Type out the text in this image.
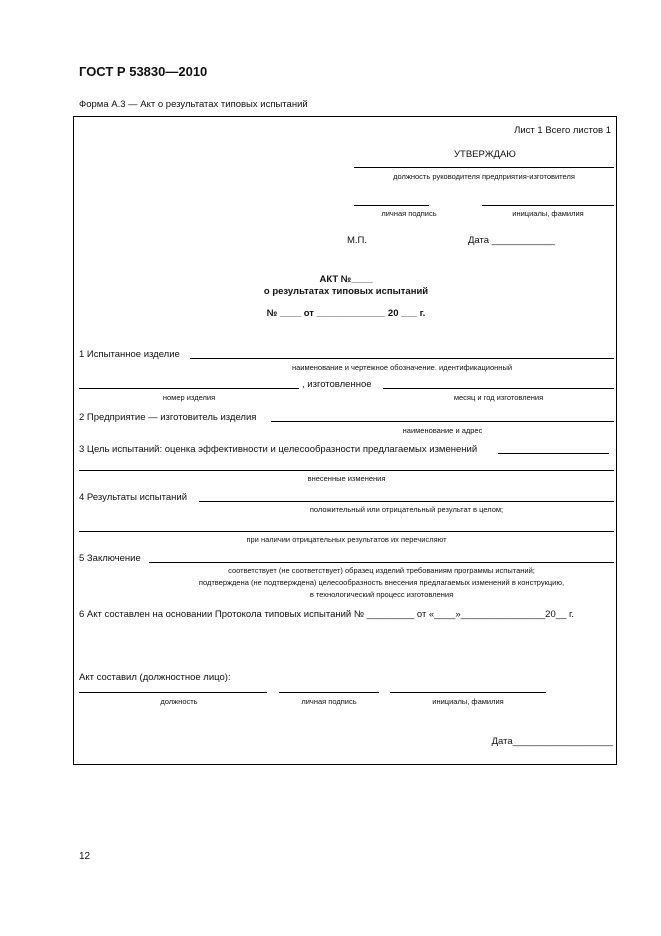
ГОСТ Р 53830—2010
Форма А.3 — Акт о результатах типовых испытаний
Лист 1 Всего листов 1
УТВЕРЖДАЮ
должность руководителя предприятия-изготовителя
личная подпись	инициалы, фамилия
М.П.	Дата ____________
АКТ №____
о результатах типовых испытаний
№ ____ от _____________ 20 ___ г.
1 Испытанное изделие
наименование и чертежное обозначение. идентификационный
, изготовленное
номер изделия	месяц и год изготовления
2 Предприятие — изготовитель изделия
наименование и адрес
3 Цель испытаний: оценка эффективности и целесообразности предлагаемых изменений
внесенные изменения
4 Результаты испытаний
положительный или отрицательный результат в целом;
при наличии отрицательных результатов их перечисляют
5 Заключение
соответствует (не соответствует) образец изделий требованиям программы испытаний;
подтверждена (не подтверждена) целесообразность внесения предлагаемых изменений в конструкцию,
в технологический процесс изготовления
6 Акт составлен на основании Протокола типовых испытаний № _________ от «____»________________20__ г.
Акт составил (должностное лицо):
должность	личная подпись	инициалы, фамилия
Дата___________________
12
